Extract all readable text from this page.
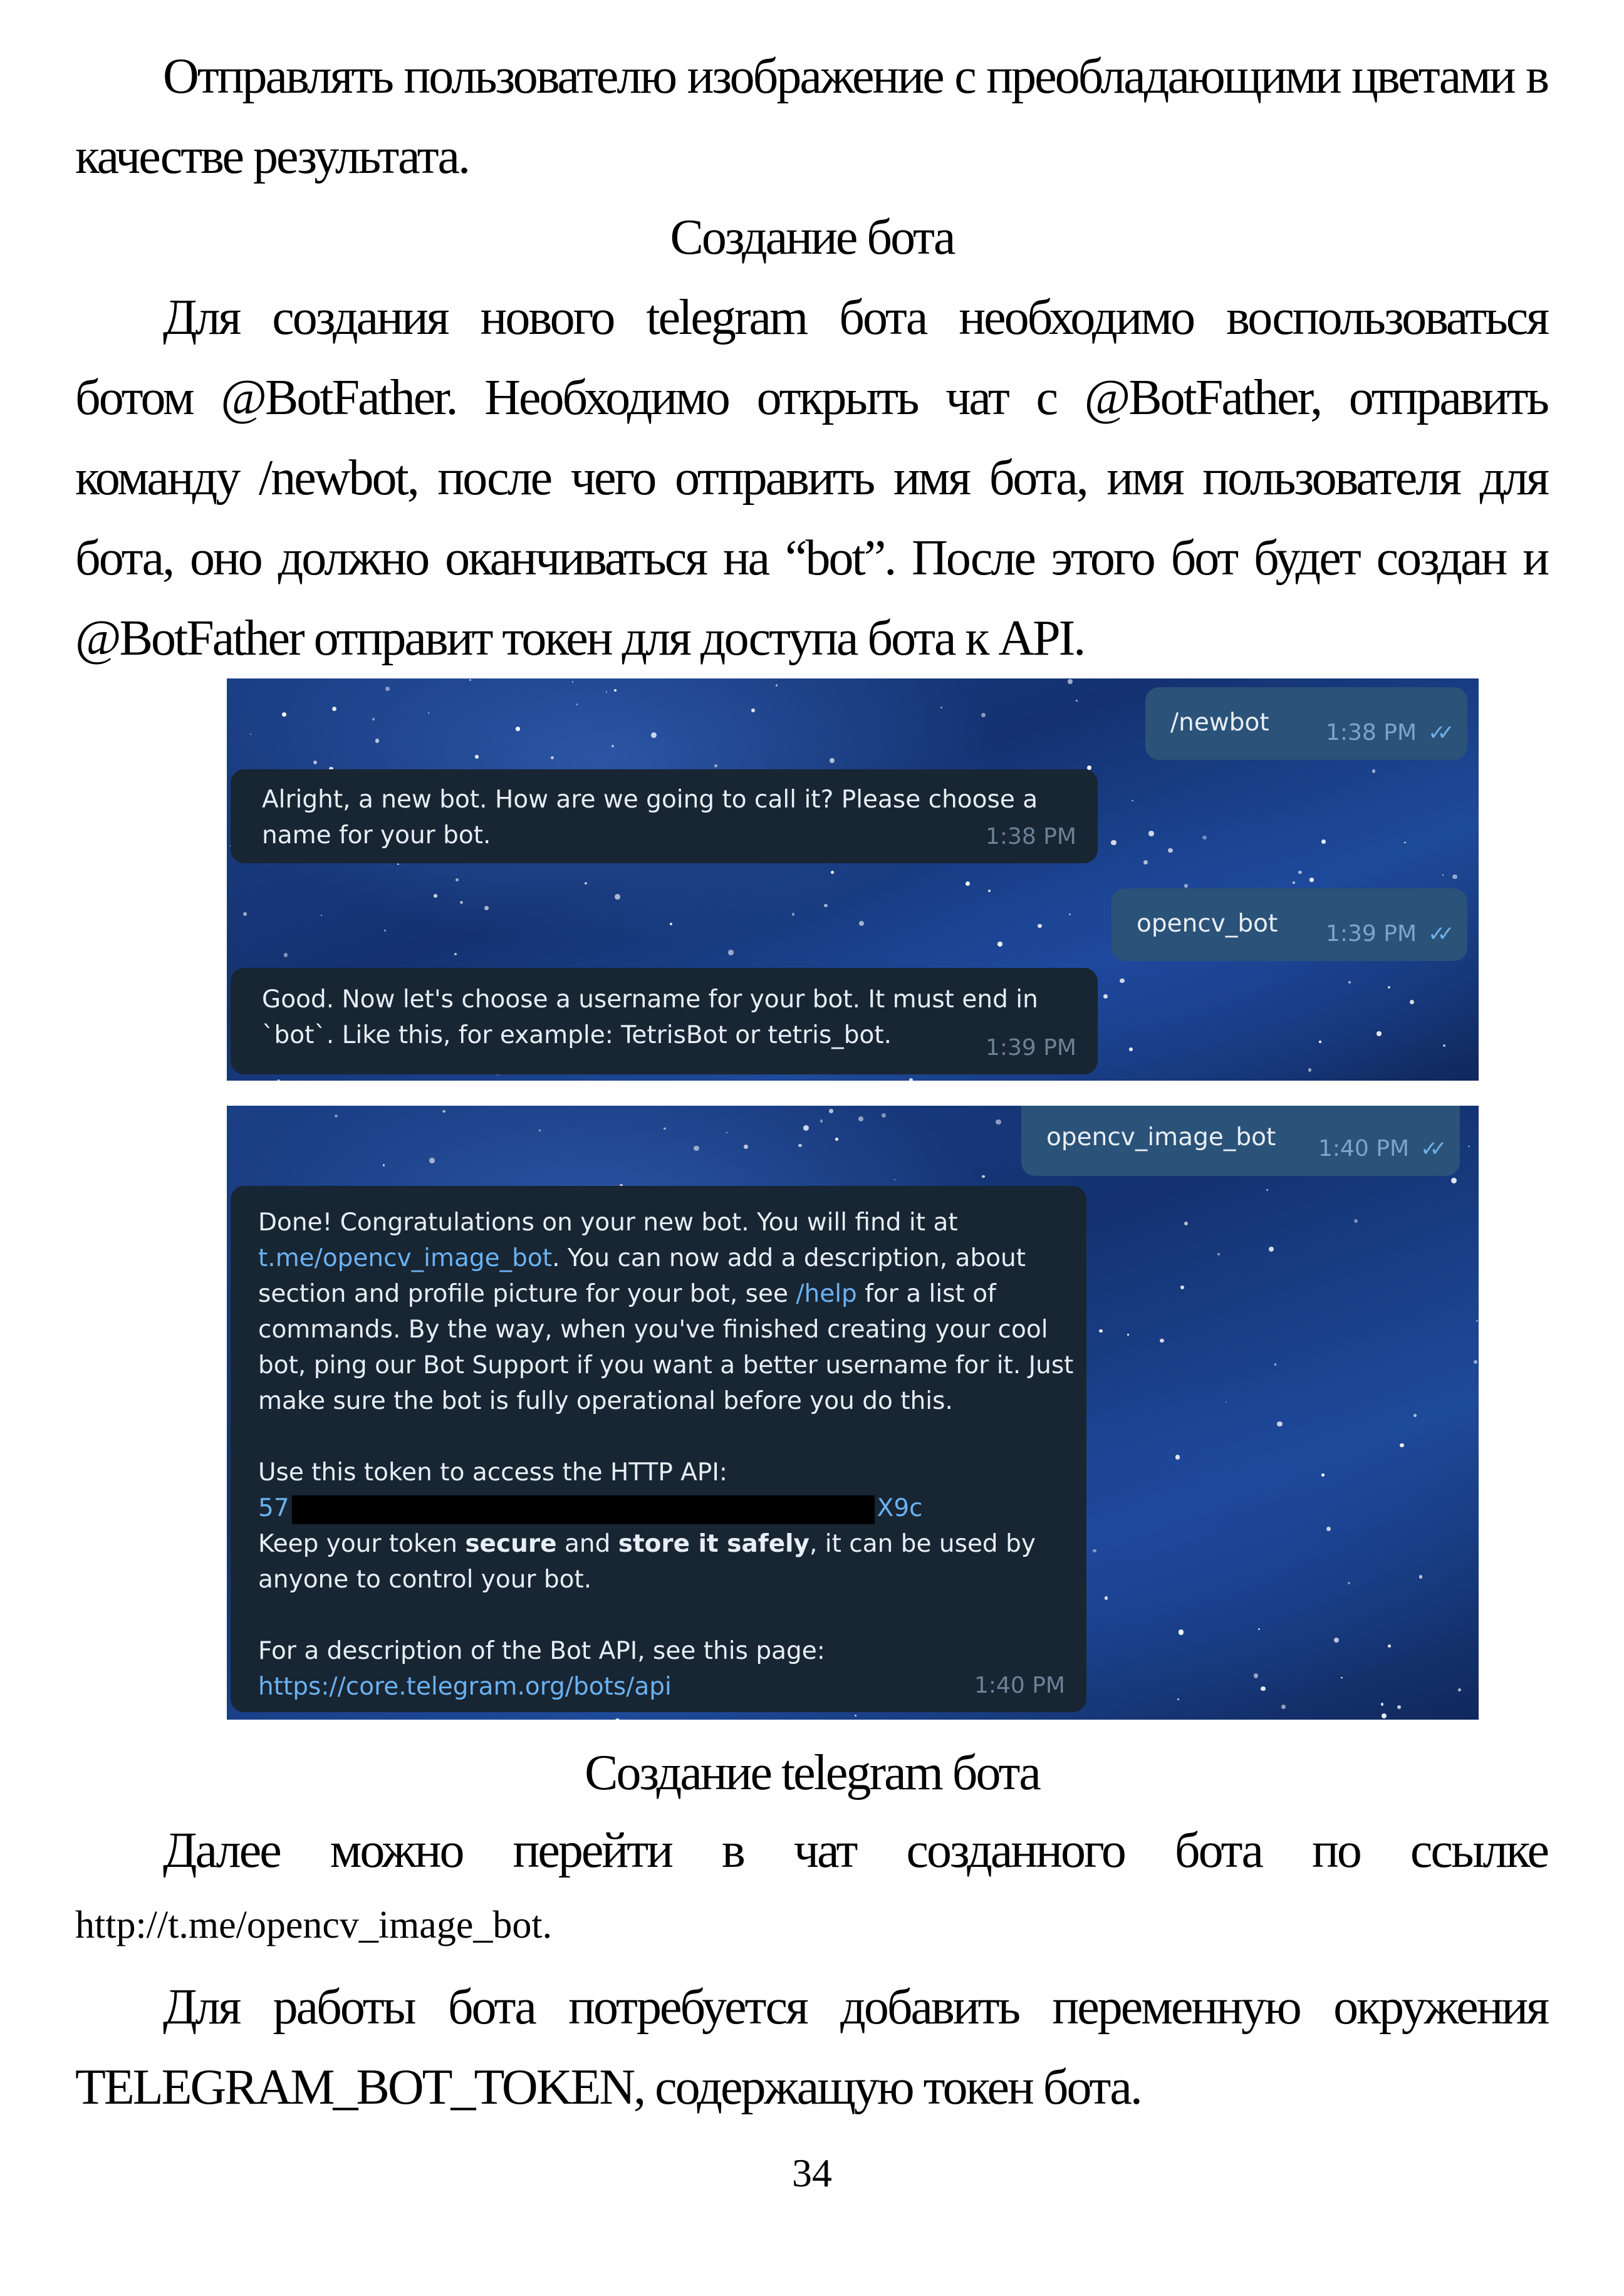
Отправлять пользователю изображение с преобладающими цветами в
качестве результата.
Создание бота
Для создания нового telegram бота необходимо воспользоваться
ботом @BotFather. Необходимо открыть чат с @BotFather, отправить
команду /newbot, после чего отправить имя бота, имя пользователя для
бота, оно должно оканчиваться на “bot”. После этого бот будет создан и
@BotFather отправит токен для доступа бота к API.
/newbot	1:38 PM ✓✓
Alright, a new bot. How are we going to call it? Please choose a
name for your bot.	1:38 PM
opencv_bot 1:39 PM ✓✓
Good. Now let's choose a username for your bot. It must end in
`bot`. Like this, for example: TetrisBot or tetris_bot.	1:39 PM
opencv_image_bot 1:40 PM ✓✓
Done! Congratulations on your new bot. You will find it at
t.me/opencv_image_bot. You can now add a description, about
section and profile picture for your bot, see /help for a list of
commands. By the way, when you've finished creating your cool
bot, ping our Bot Support if you want a better username for it. Just
make sure the bot is fully operational before you do this.
Use this token to access the HTTP API:
57	X9c
Keep your token secure and store it safely, it can be used by
anyone to control your bot.
For a description of the Bot API, see this page:
https://core.telegram.org/bots/api	1:40 PM
Создание telegram бота
Далее можно перейти в чат созданного бота по ссылке
http://t.me/opencv_image_bot.
Для работы бота потребуется добавить переменную окружения
TELEGRAM_BOT_TOKEN, содержащую токен бота.
34
